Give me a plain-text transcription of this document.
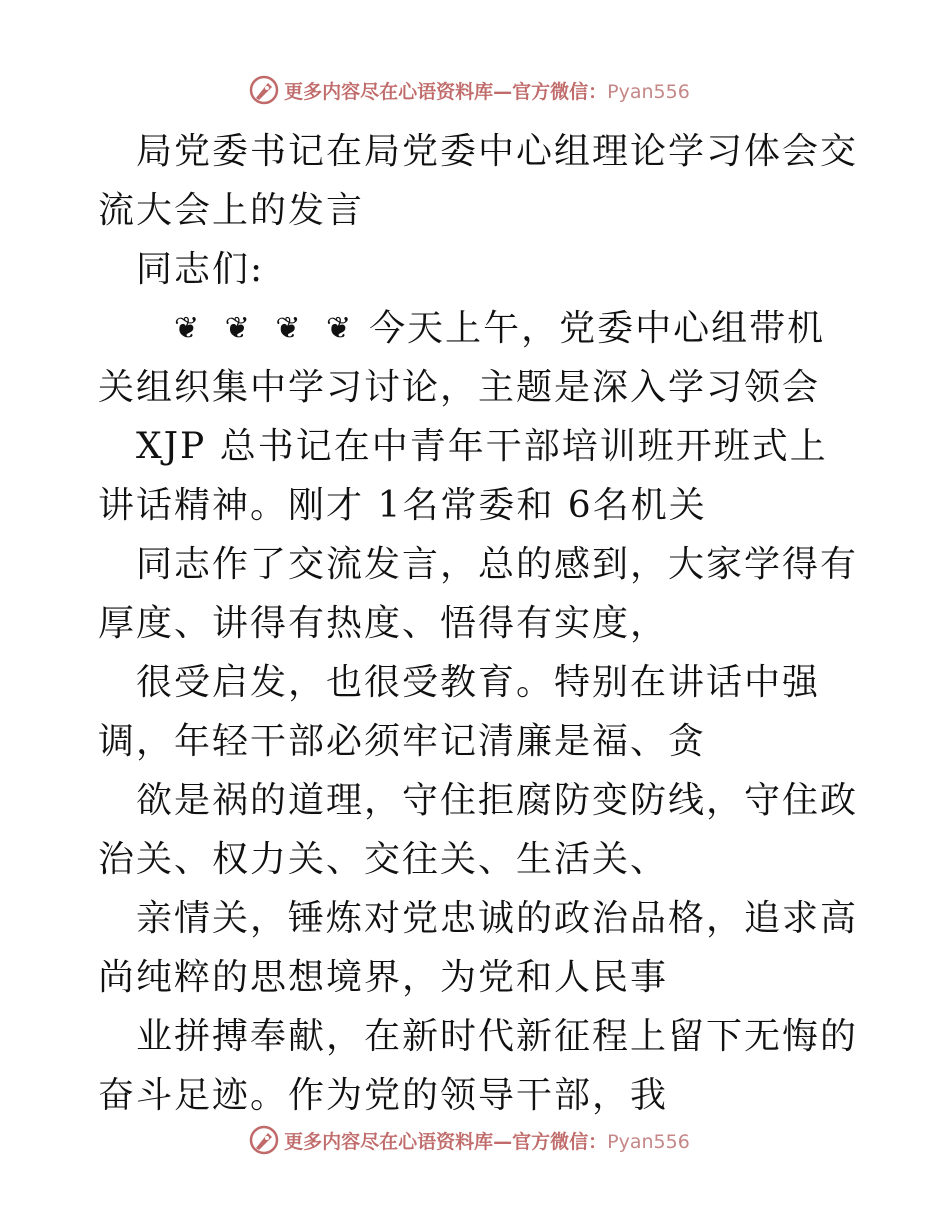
更多内容尽在心语资料库—官方微信：Pyan556

局党委书记在局党委中心组理论学习体会交流大会上的发言

同志们:

❦ ❦ ❦ ❦ 今天上午，党委中心组带机关组织集中学习讨论，主题是深入学习领会

XJP 总书记在中青年干部培训班开班式上讲话精神。刚才 1名常委和 6名机关

同志作了交流发言，总的感到，大家学得有厚度、讲得有热度、悟得有实度，

很受启发，也很受教育。特别在讲话中强调，年轻干部必须牢记清廉是福、贪

欲是祸的道理，守住拒腐防变防线，守住政治关、权力关、交往关、生活关、

亲情关，锤炼对党忠诚的政治品格，追求高尚纯粹的思想境界，为党和人民事

业拼搏奉献，在新时代新征程上留下无悔的奋斗足迹。作为党的领导干部，我

更多内容尽在心语资料库—官方微信：Pyan556
